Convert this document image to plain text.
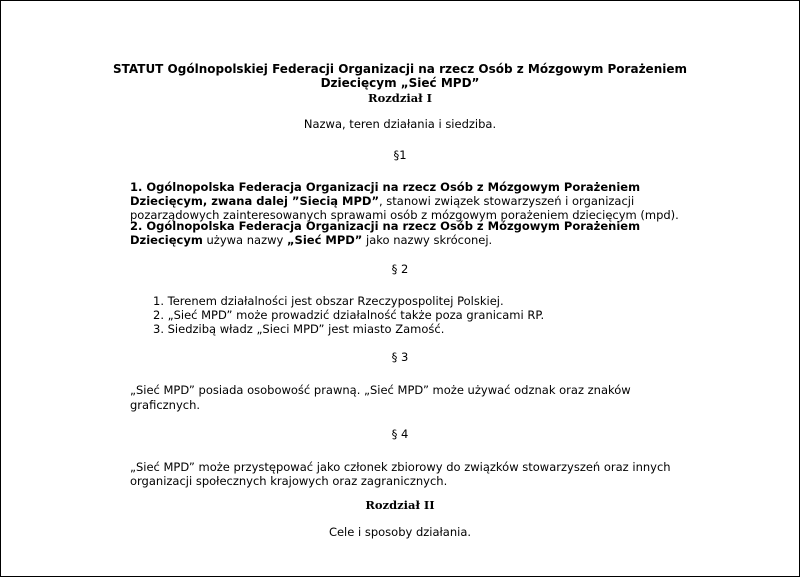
STATUT Ogólnopolskiej Federacji Organizacji na rzecz Osób z Mózgowym Porażeniem
Dziecięcym „Sieć MPD”
Rozdział I
Nazwa, teren działania i siedziba.
§1
1. Ogólnopolska Federacja Organizacji na rzecz Osób z Mózgowym Porażeniem
Dziecięcym, zwana dalej ”Siecią MPD”, stanowi związek stowarzyszeń i organizacji
pozarządowych zainteresowanych sprawami osób z mózgowym porażeniem dziecięcym (mpd).
2. Ogólnopolska Federacja Organizacji na rzecz Osób z Mózgowym Porażeniem
Dziecięcym używa nazwy „Sieć MPD” jako nazwy skróconej.
§ 2
1. Terenem działalności jest obszar Rzeczypospolitej Polskiej.
2. „Sieć MPD” może prowadzić działalność także poza granicami RP.
3. Siedzibą władz „Sieci MPD” jest miasto Zamość.
§ 3
„Sieć MPD” posiada osobowość prawną. „Sieć MPD” może używać odznak oraz znaków
graficznych.
§ 4
„Sieć MPD” może przystępować jako członek zbiorowy do związków stowarzyszeń oraz innych
organizacji społecznych krajowych oraz zagranicznych.
Rozdział II
Cele i sposoby działania.
